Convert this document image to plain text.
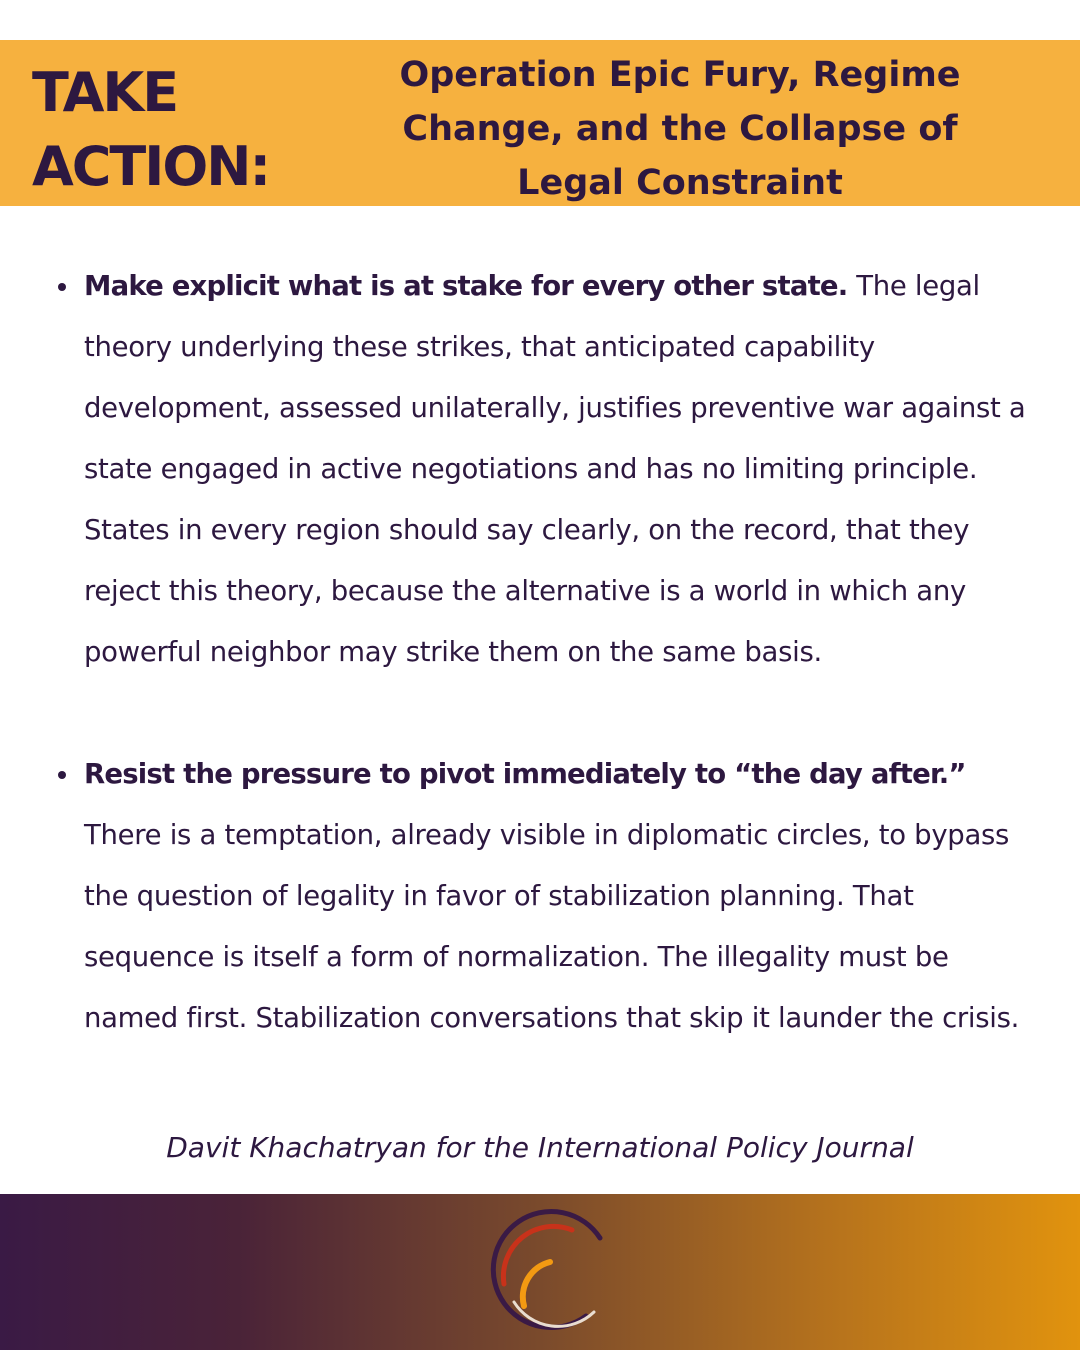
TAKE
ACTION:
Operation Epic Fury, Regime Change, and the Collapse of Legal Constraint
Make explicit what is at stake for every other state. The legal theory underlying these strikes, that anticipated capability development, assessed unilaterally, justifies preventive war against a state engaged in active negotiations and has no limiting principle. States in every region should say clearly, on the record, that they reject this theory, because the alternative is a world in which any powerful neighbor may strike them on the same basis.
Resist the pressure to pivot immediately to “the day after.” There is a temptation, already visible in diplomatic circles, to bypass the question of legality in favor of stabilization planning. That sequence is itself a form of normalization. The illegality must be named first. Stabilization conversations that skip it launder the crisis.
Davit Khachatryan for the International Policy Journal
